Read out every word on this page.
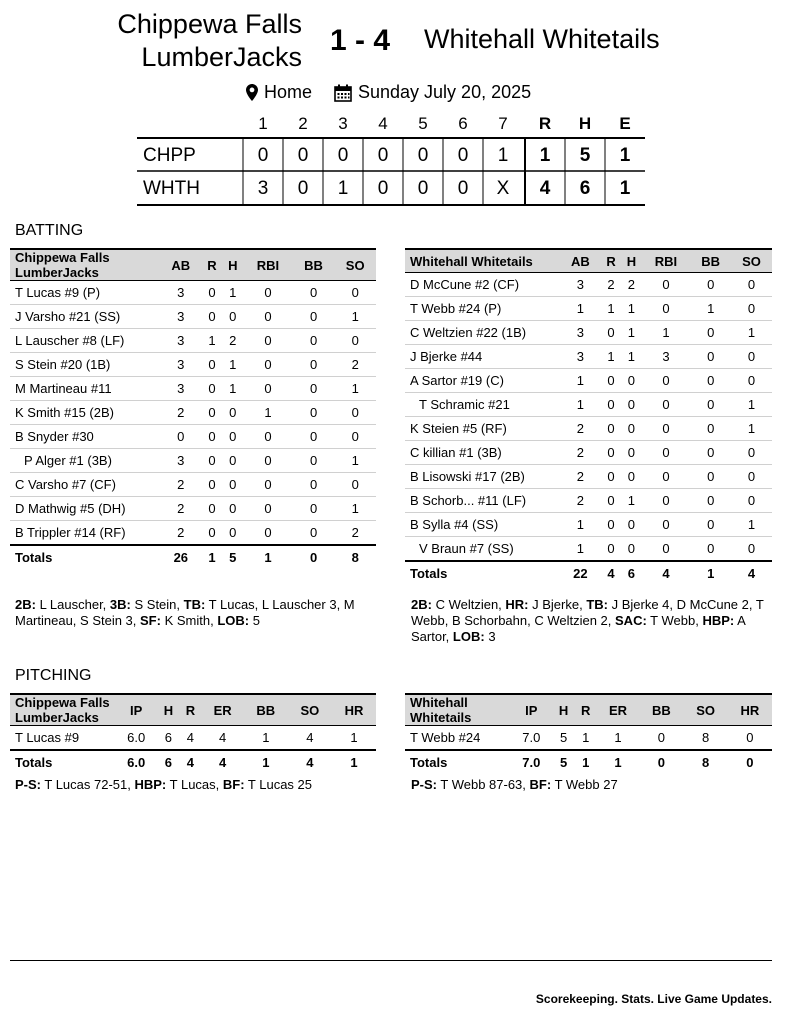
Chippewa Falls
LumberJacks 1 - 4 Whitehall Whitetails
Home	Sunday July 20, 2025
1	2	3	4	5	6	7	R	H	E
CHPP	0	0	0	0	0	0	1	1	5	1
WHTH	3	0	1	0	0	0	X	4	6	1
BATTING
Chippewa Falls LumberJacks	AB	R	H	RBI	BB	SO
T Lucas #9 (P)	3	0	1	0	0	0
J Varsho #21 (SS)	3	0	0	0	0	1
L Lauscher #8 (LF)	3	1	2	0	0	0
S Stein #20 (1B)	3	0	1	0	0	2
M Martineau #11	3	0	1	0	0	1
K Smith #15 (2B)	2	0	0	1	0	0
B Snyder #30	0	0	0	0	0	0
P Alger #1 (3B)	3	0	0	0	0	1
C Varsho #7 (CF)	2	0	0	0	0	0
D Mathwig #5 (DH)	2	0	0	0	0	1
B Trippler #14 (RF)	2	0	0	0	0	2
Totals	26	1	5	1	0	8
Whitehall Whitetails	AB	R	H	RBI	BB	SO
D McCune #2 (CF)	3	2	2	0	0	0
T Webb #24 (P)	1	1	1	0	1	0
C Weltzien #22 (1B)	3	0	1	1	0	1
J Bjerke #44	3	1	1	3	0	0
A Sartor #19 (C)	1	0	0	0	0	0
T Schramic #21	1	0	0	0	0	1
K Steien #5 (RF)	2	0	0	0	0	1
C killian #1 (3B)	2	0	0	0	0	0
B Lisowski #17 (2B)	2	0	0	0	0	0
B Schorb... #11 (LF)	2	0	1	0	0	0
B Sylla #4 (SS)	1	0	0	0	0	1
V Braun #7 (SS)	1	0	0	0	0	0
Totals	22	4	6	4	1	4
2B: L Lauscher, 3B: S Stein, TB: T Lucas, L Lauscher 3, M Martineau, S Stein 3, SF: K Smith, LOB: 5
2B: C Weltzien, HR: J Bjerke, TB: J Bjerke 4, D McCune 2, T Webb, B Schorbahn, C Weltzien 2, SAC: T Webb, HBP: A Sartor, LOB: 3
PITCHING
Chippewa Falls LumberJacks	IP	H	R	ER	BB	SO	HR
T Lucas #9	6.0	6	4	4	1	4	1
Totals	6.0	6	4	4	1	4	1
Whitehall Whitetails	IP	H	R	ER	BB	SO	HR
T Webb #24	7.0	5	1	1	0	8	0
Totals	7.0	5	1	1	0	8	0
P-S: T Lucas 72-51, HBP: T Lucas, BF: T Lucas 25	P-S: T Webb 87-63, BF: T Webb 27
Scorekeeping. Stats. Live Game Updates.
